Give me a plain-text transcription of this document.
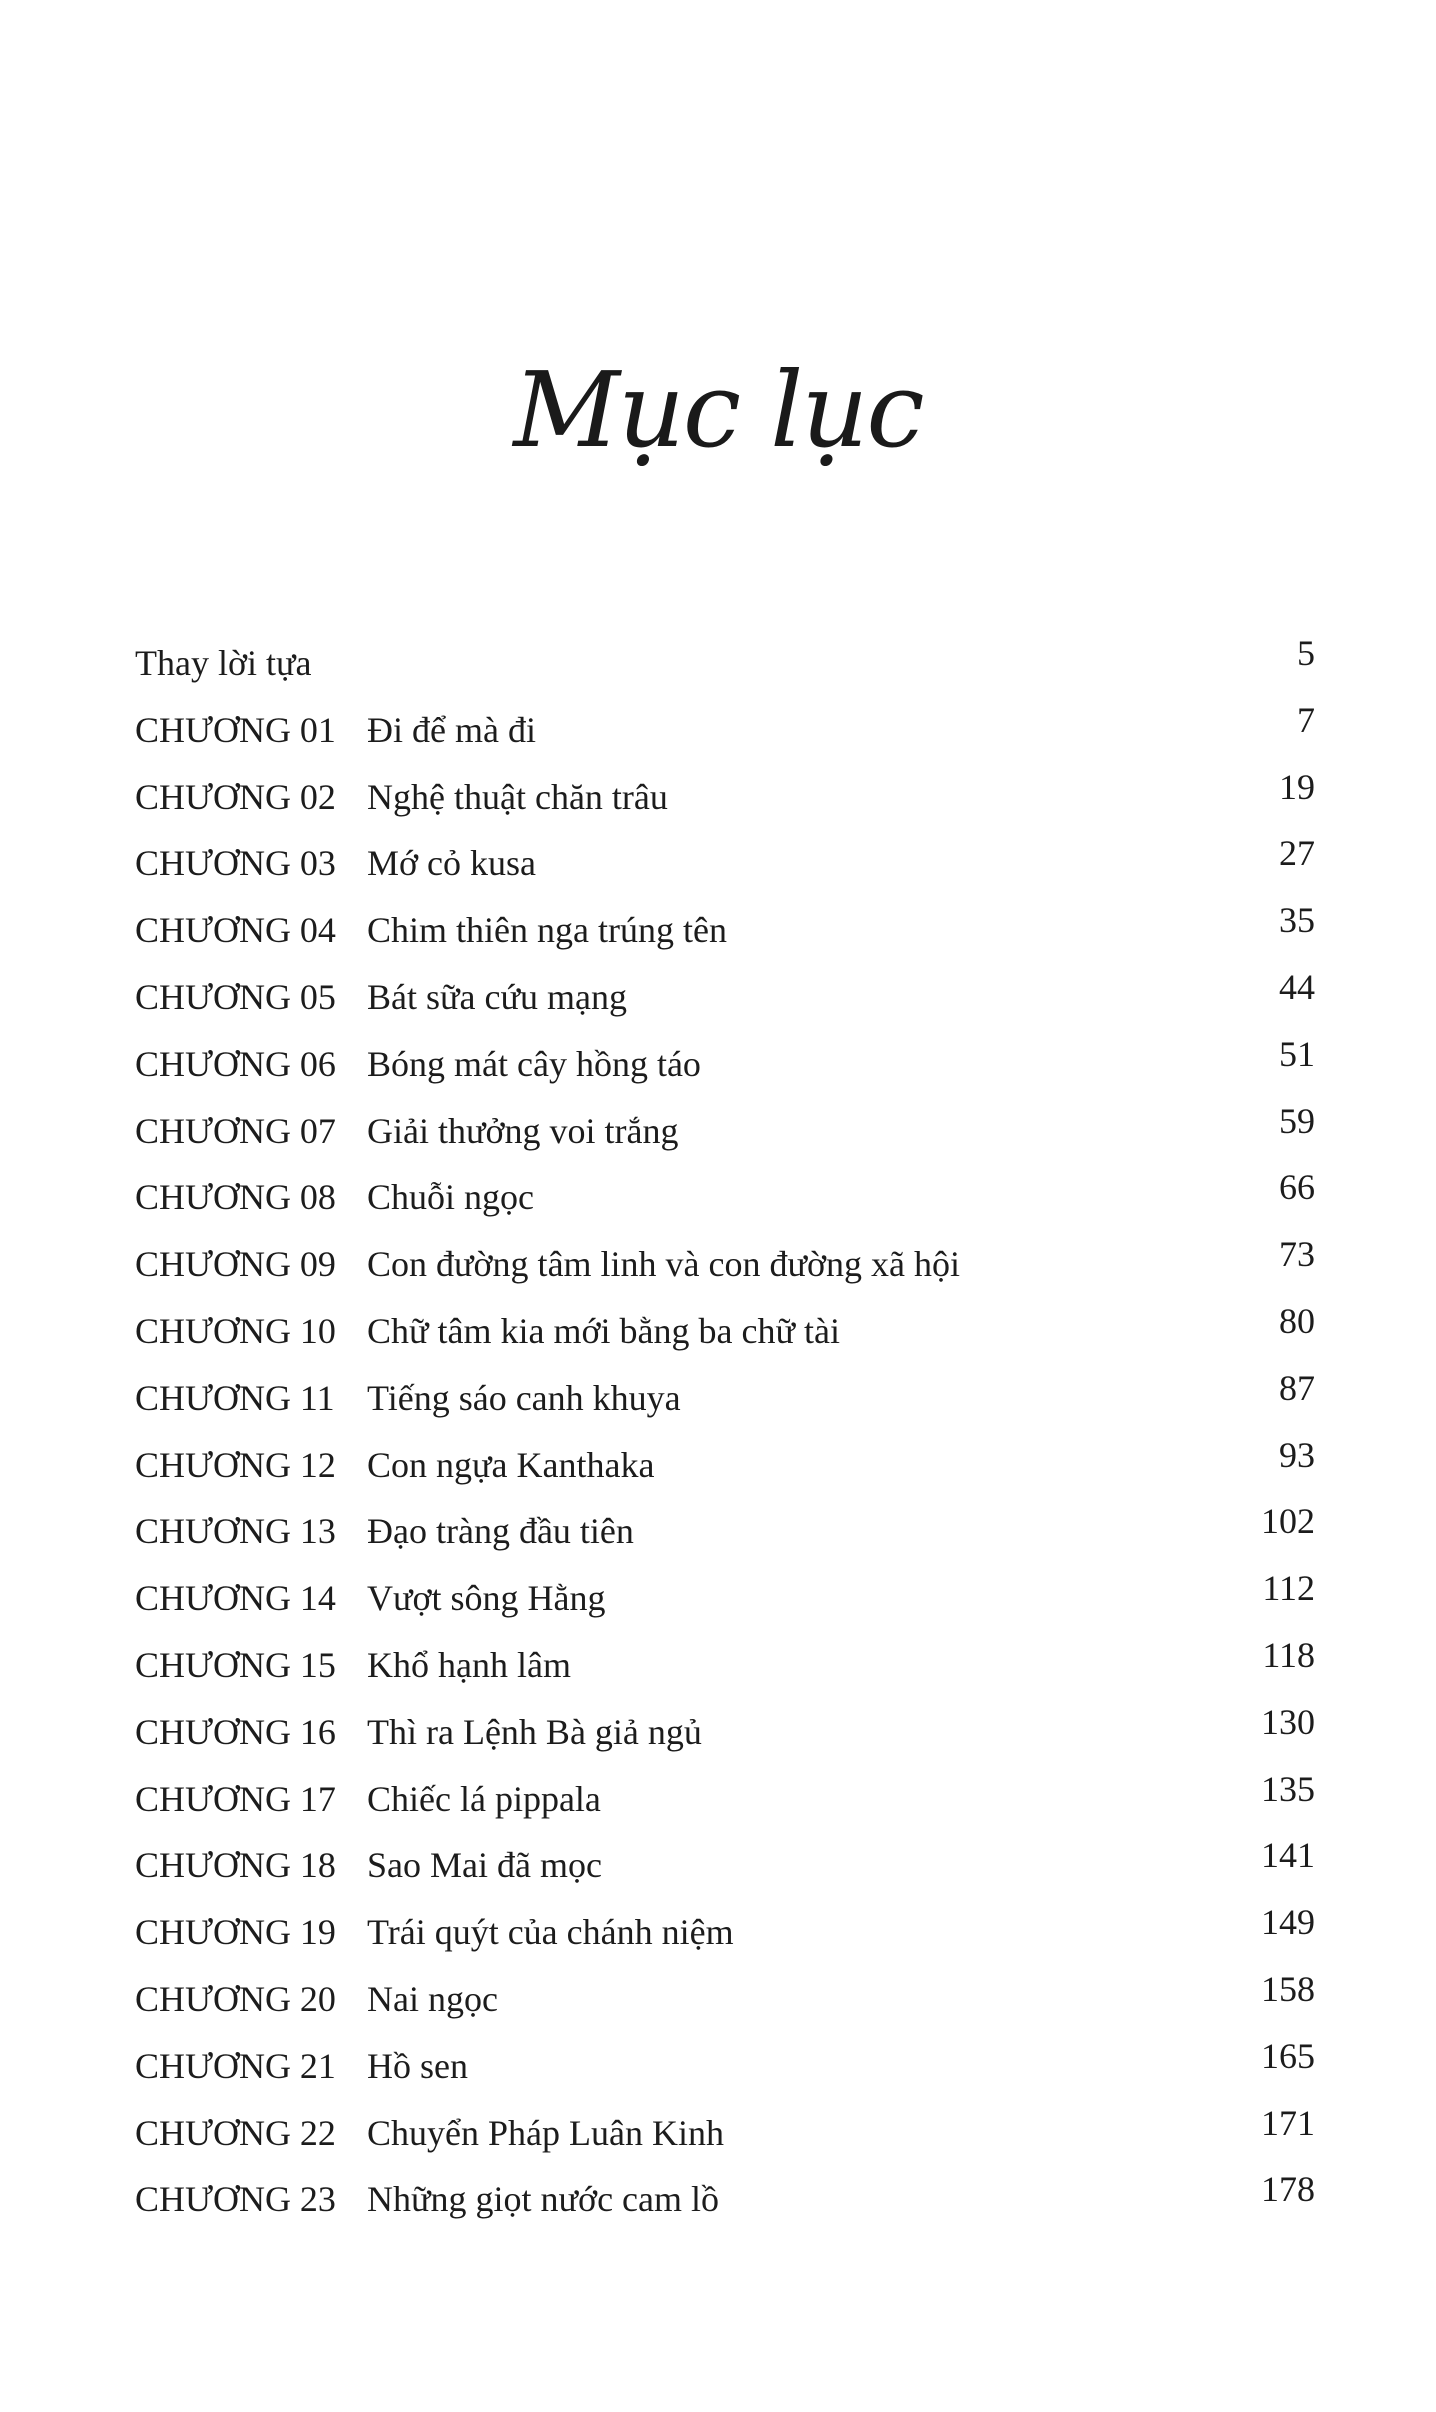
Mục lục
Thay lời tựa	5
CHƯƠNG 01 Đi để mà đi	7
CHƯƠNG 02 Nghệ thuật chăn trâu	19
CHƯƠNG 03 Mớ cỏ kusa	27
CHƯƠNG 04 Chim thiên nga trúng tên	35
CHƯƠNG 05 Bát sữa cứu mạng	44
CHƯƠNG 06 Bóng mát cây hồng táo	51
CHƯƠNG 07 Giải thưởng voi trắng	59
CHƯƠNG 08 Chuỗi ngọc	66
CHƯƠNG 09 Con đường tâm linh và con đường xã hội	73
CHƯƠNG 10 Chữ tâm kia mới bằng ba chữ tài	80
CHƯƠNG 11 Tiếng sáo canh khuya	87
CHƯƠNG 12 Con ngựa Kanthaka	93
CHƯƠNG 13 Đạo tràng đầu tiên	102
CHƯƠNG 14 Vượt sông Hằng	112
CHƯƠNG 15 Khổ hạnh lâm	118
CHƯƠNG 16 Thì ra Lệnh Bà giả ngủ	130
CHƯƠNG 17 Chiếc lá pippala	135
CHƯƠNG 18 Sao Mai đã mọc	141
CHƯƠNG 19 Trái quýt của chánh niệm	149
CHƯƠNG 20 Nai ngọc	158
CHƯƠNG 21 Hồ sen	165
CHƯƠNG 22 Chuyển Pháp Luân Kinh	171
CHƯƠNG 23 Những giọt nước cam lồ	178
